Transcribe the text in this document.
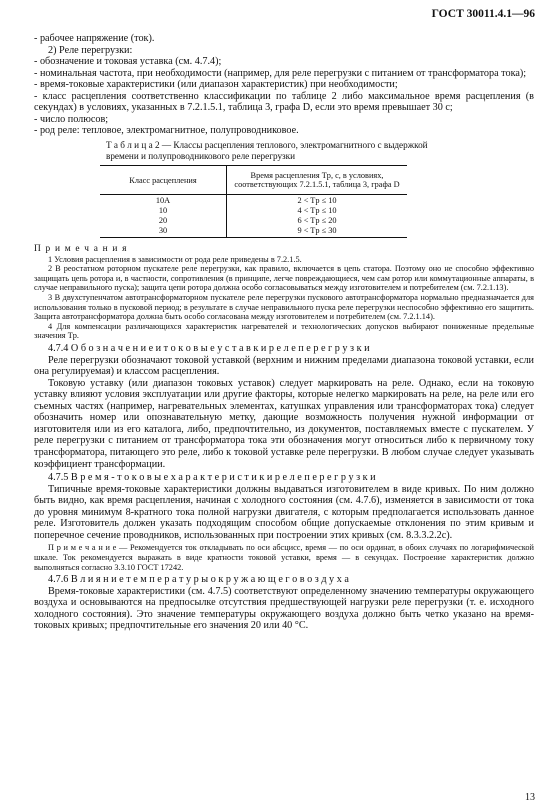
ГОСТ 30011.4.1—96

- рабочее напряжение (ток).

2) Реле перегрузки:

- обозначение и токовая уставка (см. 4.7.4);

- номинальная частота, при необходимости (например, для реле перегрузки с питанием от трансформатора тока);

- время-токовые характеристики (или диапазон характеристик) при необходимости;

- класс расцепления соответственно классификации по таблице 2 либо максимальное время расцепления (в секундах) в условиях, указанных в 7.2.1.5.1, таблица 3, графа D, если это время превышает 30 с;

- число полюсов;

- род реле: тепловое, электромагнитное, полупроводниковое.

Т а б л и ц а 2 — Классы расцепления теплового, электромагнитного с выдержкой времени и полупроводникового реле перегрузки

Класс расцепления	Время расцепления Tp, с, в условиях, соответствующих 7.2.1.5.1, таблица 3, графа D
10A	2 < Tp ≤ 10
10	4 < Tp ≤ 10
20	6 < Tp ≤ 20
30	9 < Tp ≤ 30

П р и м е ч а н и я

1 Условия расцепления в зависимости от рода реле приведены в 7.2.1.5.

2 В реостатном роторном пускателе реле перегрузки, как правило, включается в цепь статора. Поэтому оно не способно эффективно защищать цепь ротора и, в частности, сопротивления (в принципе, легче повреждающиеся, чем сам ротор или коммутационные аппараты, в случае неправильного пуска); защита цепи ротора должна особо согласовываться между изготовителем и потребителем (см. 7.2.1.13).

3 В двухступенчатом автотрансформаторном пускателе реле перегрузки пускового автотрансформатора нормально предназначается для использования только в пусковой период; в результате в случае неправильного пуска реле перегрузки неспособно эффективно его защитить. Защита автотрансформатора должна быть особо согласована между изготовителем и потребителем (см. 7.2.1.14).

4 Для компенсации различающихся характеристик нагревателей и технологических допусков выбирают пониженные предельные значения Tp.

4.7.4 О б о з н а ч е н и е и т о к о в ы е у с т а в к и р е л е п е р е г р у з к и

Реле перегрузки обозначают токовой уставкой (верхним и нижним пределами диапазона токовой уставки, если она регулируемая) и классом расцепления.

Токовую уставку (или диапазон токовых уставок) следует маркировать на реле. Однако, если на токовую уставку влияют условия эксплуатации или другие факторы, которые нелегко маркировать на реле, на реле или его съемных частях (например, нагревательных элементах, катушках управления или трансформаторах тока) следует обозначить номер или опознавательную метку, дающие возможность получения нужной информации от изготовителя или из его каталога, либо, предпочтительно, из документов, поставляемых вместе с пускателем. У реле перегрузки с питанием от трансформатора тока эти обозначения могут относиться либо к первичному току трансформатора, питающего это реле, либо к токовой уставке реле перегрузки. В любом случае следует указывать коэффициент трансформации.

4.7.5 В р е м я - т о к о в ы е х а р а к т е р и с т и к и р е л е п е р е г р у з к и

Типичные время-токовые характеристики должны выдаваться изготовителем в виде кривых. По ним должно быть видно, как время расцепления, начиная с холодного состояния (см. 4.7.6), изменяется в зависимости от тока до уровня минимум 8-кратного тока полной нагрузки двигателя, с которым предполагается использовать данное реле. Изготовитель должен указать подходящим способом общие допускаемые отклонения по этим кривым и поперечное сечение проводников, использованных при построении этих кривых (см. 8.3.3.2.2c).

П р и м е ч а н и е — Рекомендуется ток откладывать по оси абсцисс, время — по оси ординат, в обоих случаях по логарифмической шкале. Ток рекомендуется выражать в виде кратности токовой уставки, время — в секундах. Построение характеристик должно выполняться согласно 3.3.10 ГОСТ 17242.

4.7.6 В л и я н и е т е м п е р а т у р ы о к р у ж а ю щ е г о в о з д у х а

Время-токовые характеристики (см. 4.7.5) соответствуют определенному значению температуры окружающего воздуха и основываются на предпосылке отсутствия предшествующей нагрузки реле перегрузки (т. е. исходного холодного состояния). Это значение температуры окружающего воздуха должно быть четко указано на время-токовых кривых; предпочтительные его значения 20 или 40 °С.

13
